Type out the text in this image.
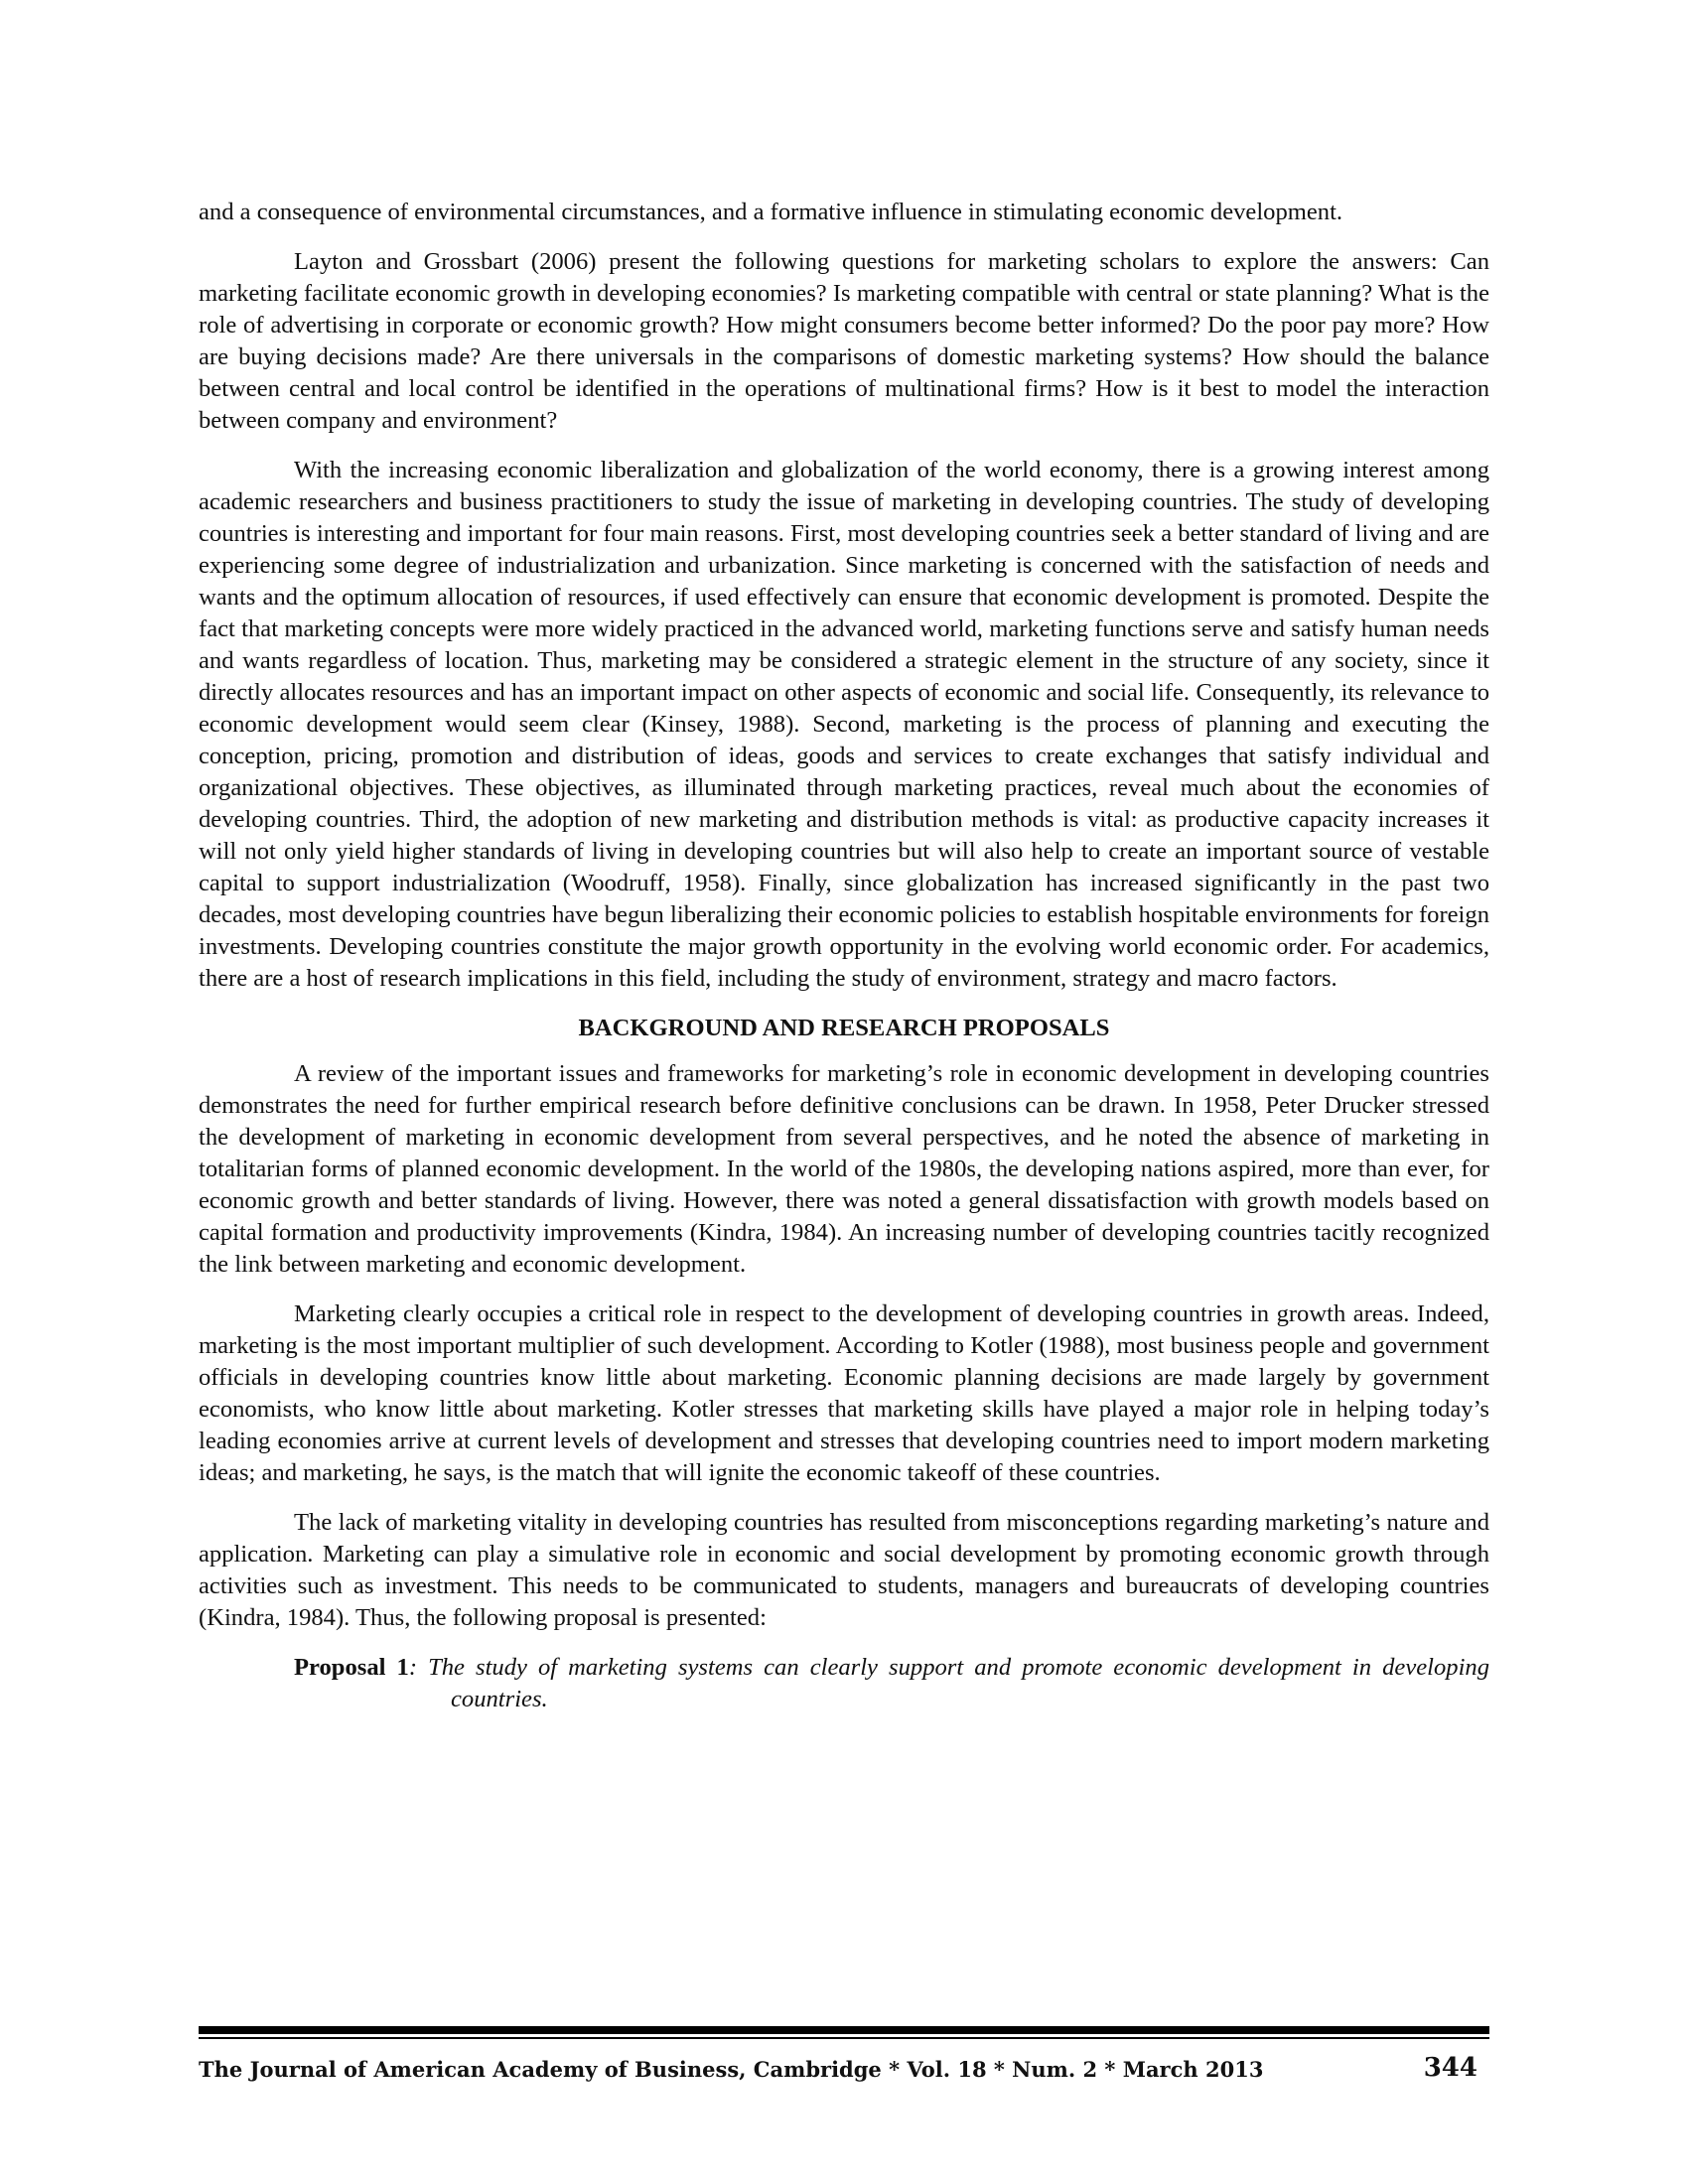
and a consequence of environmental circumstances, and a formative influence in stimulating economic development.

Layton and Grossbart (2006) present the following questions for marketing scholars to explore the answers: Can marketing facilitate economic growth in developing economies? Is marketing compatible with central or state planning? What is the role of advertising in corporate or economic growth? How might consumers become better informed? Do the poor pay more? How are buying decisions made? Are there universals in the comparisons of domestic marketing systems? How should the balance between central and local control be identified in the operations of multinational firms? How is it best to model the interaction between company and environment?

With the increasing economic liberalization and globalization of the world economy, there is a growing interest among academic researchers and business practitioners to study the issue of marketing in developing countries. The study of developing countries is interesting and important for four main reasons. First, most developing countries seek a better standard of living and are experiencing some degree of industrialization and urbanization. Since marketing is concerned with the satisfaction of needs and wants and the optimum allocation of resources, if used effectively can ensure that economic development is promoted. Despite the fact that marketing concepts were more widely practiced in the advanced world, marketing functions serve and satisfy human needs and wants regardless of location. Thus, marketing may be considered a strategic element in the structure of any society, since it directly allocates resources and has an important impact on other aspects of economic and social life. Consequently, its relevance to economic development would seem clear (Kinsey, 1988). Second, marketing is the process of planning and executing the conception, pricing, promotion and distribution of ideas, goods and services to create exchanges that satisfy individual and organizational objectives. These objectives, as illuminated through marketing practices, reveal much about the economies of developing countries. Third, the adoption of new marketing and distribution methods is vital: as productive capacity increases it will not only yield higher standards of living in developing countries but will also help to create an important source of vestable capital to support industrialization (Woodruff, 1958). Finally, since globalization has increased significantly in the past two decades, most developing countries have begun liberalizing their economic policies to establish hospitable environments for foreign investments. Developing countries constitute the major growth opportunity in the evolving world economic order. For academics, there are a host of research implications in this field, including the study of environment, strategy and macro factors.

BACKGROUND AND RESEARCH PROPOSALS

A review of the important issues and frameworks for marketing’s role in economic development in developing countries demonstrates the need for further empirical research before definitive conclusions can be drawn. In 1958, Peter Drucker stressed the development of marketing in economic development from several perspectives, and he noted the absence of marketing in totalitarian forms of planned economic development. In the world of the 1980s, the developing nations aspired, more than ever, for economic growth and better standards of living. However, there was noted a general dissatisfaction with growth models based on capital formation and productivity improvements (Kindra, 1984). An increasing number of developing countries tacitly recognized the link between marketing and economic development.

Marketing clearly occupies a critical role in respect to the development of developing countries in growth areas. Indeed, marketing is the most important multiplier of such development. According to Kotler (1988), most business people and government officials in developing countries know little about marketing. Economic planning decisions are made largely by government economists, who know little about marketing. Kotler stresses that marketing skills have played a major role in helping today’s leading economies arrive at current levels of development and stresses that developing countries need to import modern marketing ideas; and marketing, he says, is the match that will ignite the economic takeoff of these countries.

The lack of marketing vitality in developing countries has resulted from misconceptions regarding marketing’s nature and application. Marketing can play a simulative role in economic and social development by promoting economic growth through activities such as investment. This needs to be communicated to students, managers and bureaucrats of developing countries (Kindra, 1984). Thus, the following proposal is presented:

Proposal 1: The study of marketing systems can clearly support and promote economic development in developing countries.

The Journal of American Academy of Business, Cambridge * Vol. 18 * Num. 2 * March 2013	344
